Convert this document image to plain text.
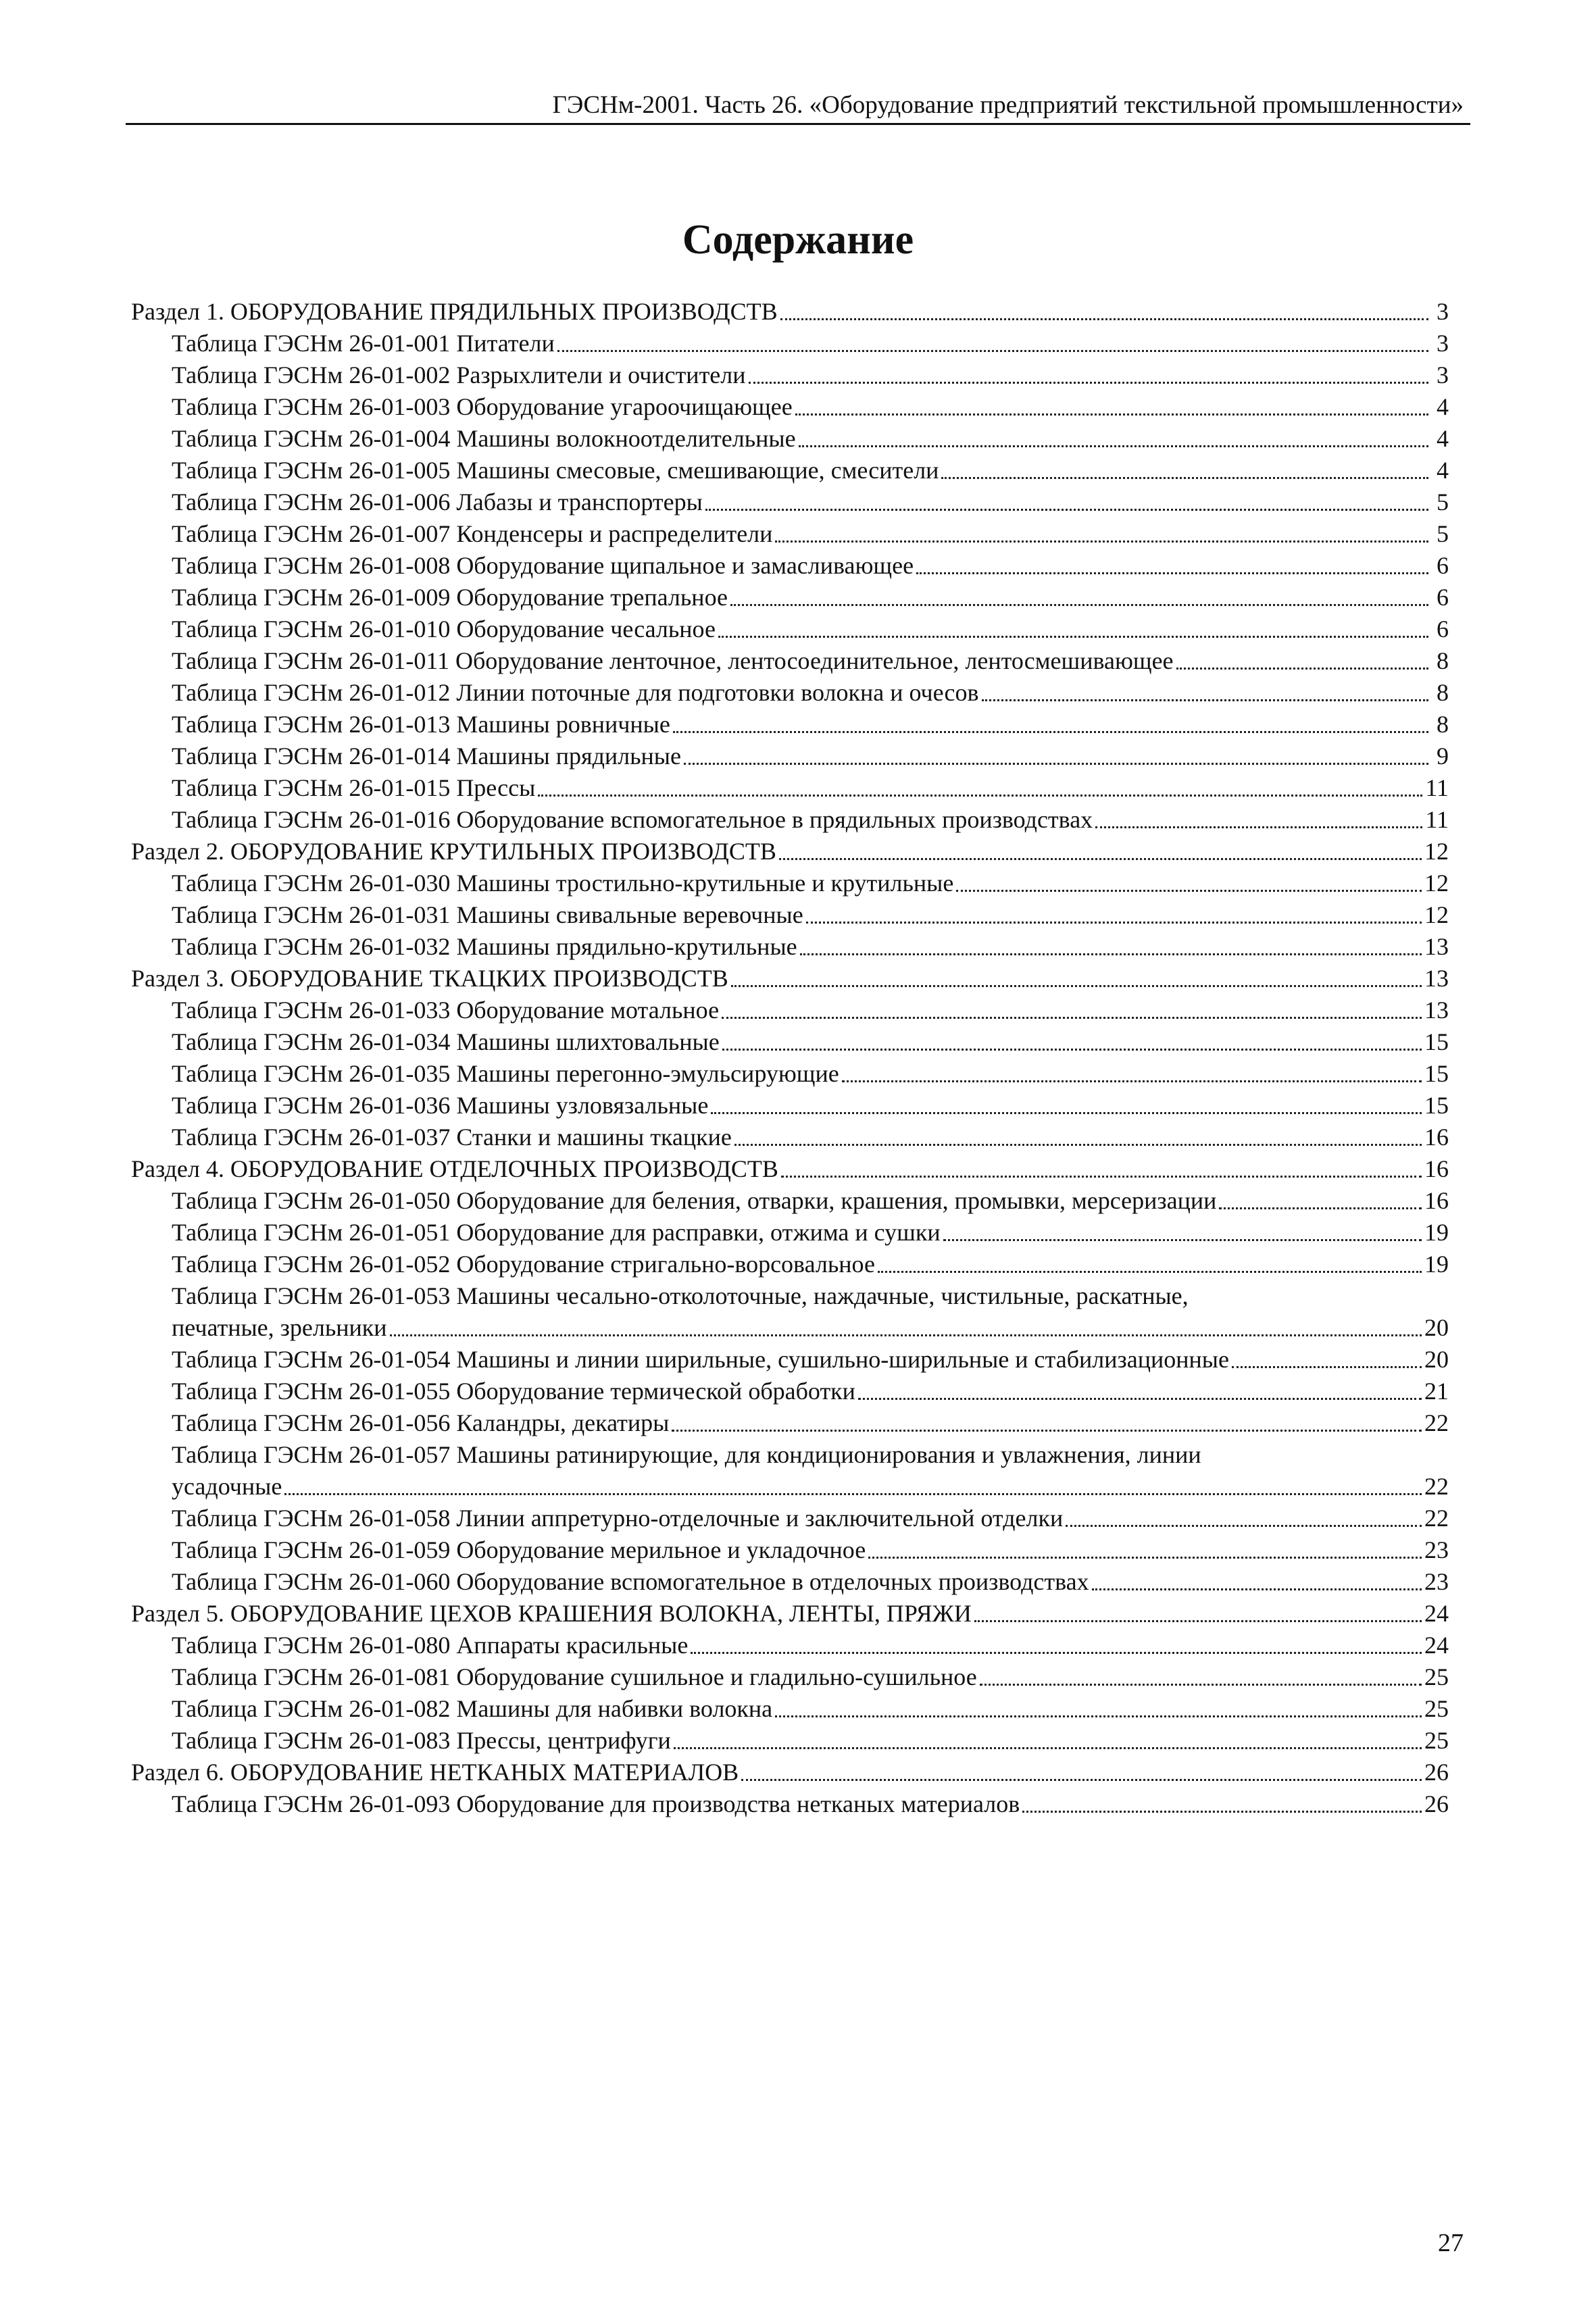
ГЭСНм-2001. Часть 26. «Оборудование предприятий текстильной промышленности»
Содержание
Раздел 1. ОБОРУДОВАНИЕ ПРЯДИЛЬНЫХ ПРОИЗВОДСТВ	3
Таблица ГЭСНм 26-01-001 Питатели	3
Таблица ГЭСНм 26-01-002 Разрыхлители и очистители	3
Таблица ГЭСНм 26-01-003 Оборудование угароочищающее	4
Таблица ГЭСНм 26-01-004 Машины волокноотделительные	4
Таблица ГЭСНм 26-01-005 Машины смесовые, смешивающие, смесители	4
Таблица ГЭСНм 26-01-006 Лабазы и транспортеры	5
Таблица ГЭСНм 26-01-007 Конденсеры и распределители	5
Таблица ГЭСНм 26-01-008 Оборудование щипальное и замасливающее	6
Таблица ГЭСНм 26-01-009 Оборудование трепальное	6
Таблица ГЭСНм 26-01-010 Оборудование чесальное	6
Таблица ГЭСНм 26-01-011 Оборудование ленточное, лентосоединительное, лентосмешивающее	8
Таблица ГЭСНм 26-01-012 Линии поточные для подготовки волокна и очесов	8
Таблица ГЭСНм 26-01-013 Машины ровничные	8
Таблица ГЭСНм 26-01-014 Машины прядильные	9
Таблица ГЭСНм 26-01-015 Прессы	11
Таблица ГЭСНм 26-01-016 Оборудование вспомогательное в прядильных производствах	11
Раздел 2. ОБОРУДОВАНИЕ КРУТИЛЬНЫХ ПРОИЗВОДСТВ	12
Таблица ГЭСНм 26-01-030 Машины тростильно-крутильные и крутильные	12
Таблица ГЭСНм 26-01-031 Машины свивальные веревочные	12
Таблица ГЭСНм 26-01-032 Машины прядильно-крутильные	13
Раздел 3. ОБОРУДОВАНИЕ ТКАЦКИХ ПРОИЗВОДСТВ	13
Таблица ГЭСНм 26-01-033 Оборудование мотальное	13
Таблица ГЭСНм 26-01-034 Машины шлихтовальные	15
Таблица ГЭСНм 26-01-035 Машины перегонно-эмульсирующие	15
Таблица ГЭСНм 26-01-036 Машины узловязальные	15
Таблица ГЭСНм 26-01-037 Станки и машины ткацкие	16
Раздел 4. ОБОРУДОВАНИЕ ОТДЕЛОЧНЫХ ПРОИЗВОДСТВ	16
Таблица ГЭСНм 26-01-050 Оборудование для беления, отварки, крашения, промывки, мерсеризации	16
Таблица ГЭСНм 26-01-051 Оборудование для расправки, отжима и сушки	19
Таблица ГЭСНм 26-01-052 Оборудование стригально-ворсовальное	19
Таблица ГЭСНм 26-01-053 Машины чесально-отколоточные, наждачные, чистильные, раскатные,
печатные, зрельники	20
Таблица ГЭСНм 26-01-054 Машины и линии ширильные, сушильно-ширильные и стабилизационные	20
Таблица ГЭСНм 26-01-055 Оборудование термической обработки	21
Таблица ГЭСНм 26-01-056 Каландры, декатиры	22
Таблица ГЭСНм 26-01-057 Машины ратинирующие, для кондиционирования и увлажнения, линии
усадочные	22
Таблица ГЭСНм 26-01-058 Линии аппретурно-отделочные и заключительной отделки	22
Таблица ГЭСНм 26-01-059 Оборудование мерильное и укладочное	23
Таблица ГЭСНм 26-01-060 Оборудование вспомогательное в отделочных производствах	23
Раздел 5. ОБОРУДОВАНИЕ ЦЕХОВ КРАШЕНИЯ ВОЛОКНА, ЛЕНТЫ, ПРЯЖИ	24
Таблица ГЭСНм 26-01-080 Аппараты красильные	24
Таблица ГЭСНм 26-01-081 Оборудование сушильное и гладильно-сушильное	25
Таблица ГЭСНм 26-01-082 Машины для набивки волокна	25
Таблица ГЭСНм 26-01-083 Прессы, центрифуги	25
Раздел 6. ОБОРУДОВАНИЕ НЕТКАНЫХ МАТЕРИАЛОВ	26
Таблица ГЭСНм 26-01-093 Оборудование для производства нетканых материалов	26
27
